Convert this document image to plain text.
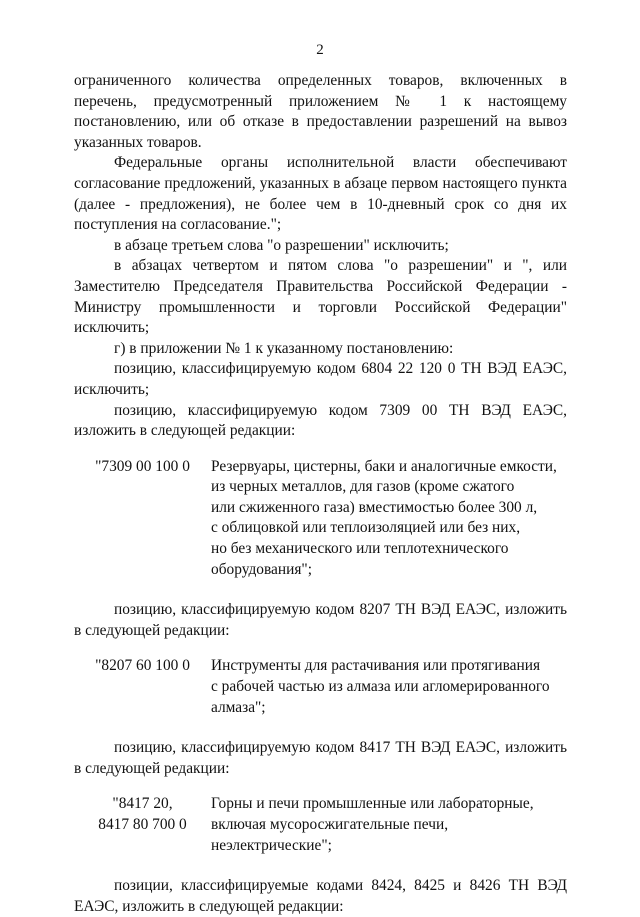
2

ограниченного количества определенных товаров, включенных в перечень, предусмотренный приложением № 1 к настоящему постановлению, или об отказе в предоставлении разрешений на вывоз указанных товаров.

Федеральные органы исполнительной власти обеспечивают согласование предложений, указанных в абзаце первом настоящего пункта (далее - предложения), не более чем в 10-дневный срок со дня их поступления на согласование.";

в абзаце третьем слова "о разрешении" исключить;

в абзацах четвертом и пятом слова "о разрешении" и ", или Заместителю Председателя Правительства Российской Федерации - Министру промышленности и торговли Российской Федерации" исключить;

г) в приложении № 1 к указанному постановлению:

позицию, классифицируемую кодом 6804 22 120 0 ТН ВЭД ЕАЭС, исключить;

позицию, классифицируемую кодом 7309 00 ТН ВЭД ЕАЭС, изложить в следующей редакции:

"7309 00 100 0	Резервуары, цистерны, баки и аналогичные емкости,
из черных металлов, для газов (кроме сжатого
или сжиженного газа) вместимостью более 300 л,
с облицовкой или теплоизоляцией или без них,
но без механического или теплотехнического
оборудования";

позицию, классифицируемую кодом 8207 ТН ВЭД ЕАЭС, изложить в следующей редакции:

"8207 60 100 0	Инструменты для растачивания или протягивания
с рабочей частью из алмаза или агломерированного
алмаза";

позицию, классифицируемую кодом 8417 ТН ВЭД ЕАЭС, изложить в следующей редакции:

"8417 20,
8417 80 700 0
Горны и печи промышленные или лабораторные,
включая мусоросжигательные печи,
неэлектрические";

позиции, классифицируемые кодами 8424, 8425 и 8426 ТН ВЭД ЕАЭС, изложить в следующей редакции:
